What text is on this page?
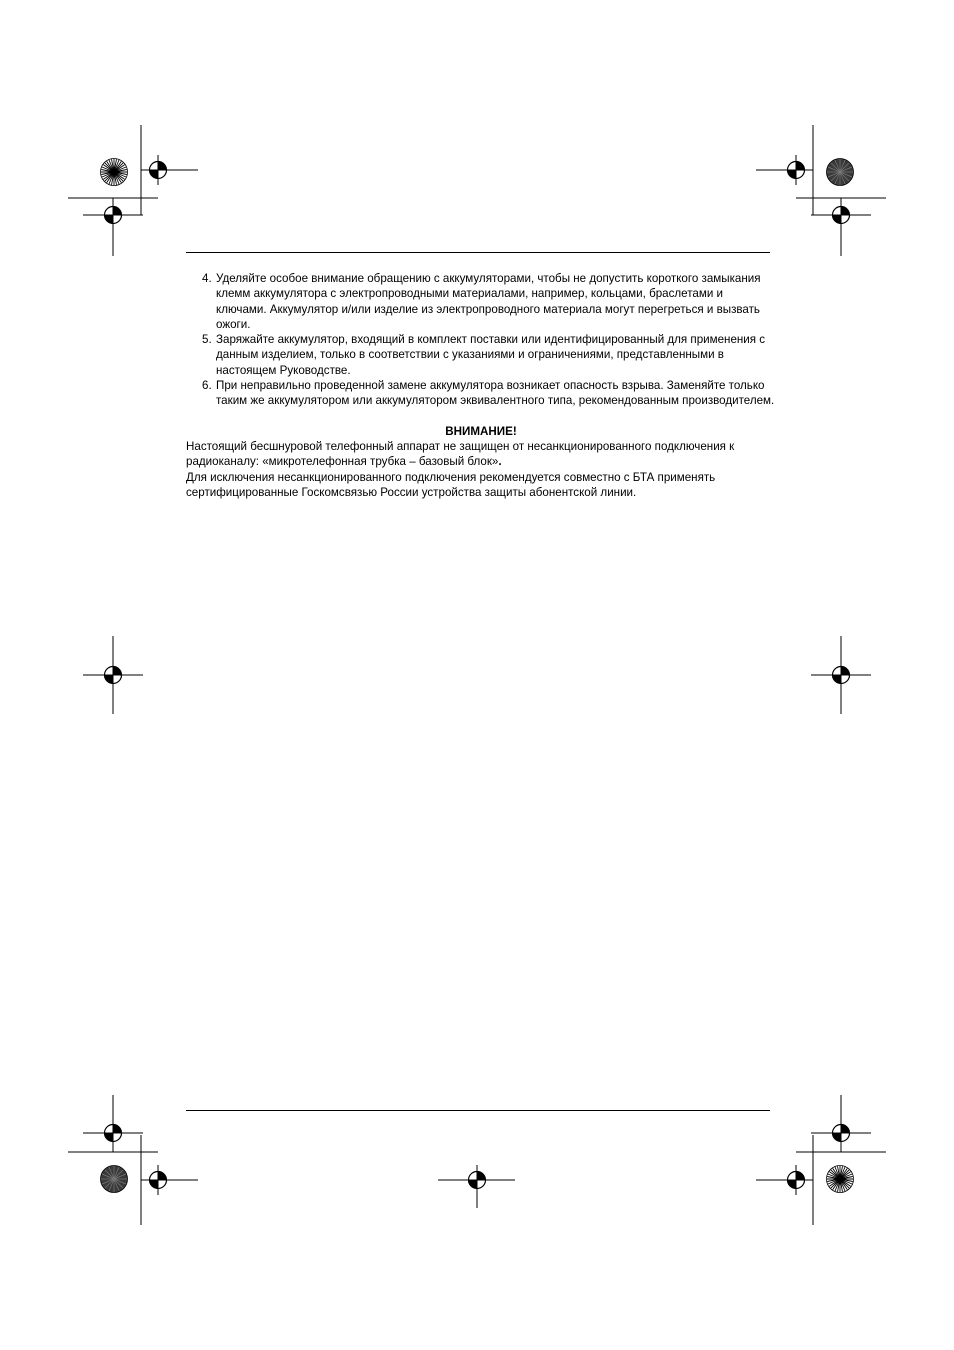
4. Уделяйте особое внимание обращению с аккумуляторами, чтобы не допустить короткого замыкания клемм аккумулятора с электропроводными материалами, например, кольцами, браслетами и ключами. Аккумулятор и/или изделие из электропроводного материала могут перегреться и вызвать ожоги.
5. Заряжайте аккумулятор, входящий в комплект поставки или идентифицированный для применения с данным изделием, только в соответствии с указаниями и ограничениями, представленными в настоящем Руководстве.
6. При неправильно проведенной замене аккумулятора возникает опасность взрыва. Заменяйте только таким же аккумулятором или аккумулятором эквивалентного типа, рекомендованным производителем.
ВНИМАНИЕ!

Настоящий бесшнуровой телефонный аппарат не защищен от несанкционированного подключения к радиоканалу: «микротелефонная трубка – базовый блок».

Для исключения несанкционированного подключения рекомендуется совместно с БТА применять сертифицированные Госкомсвязью России устройства защиты абонентской линии.
